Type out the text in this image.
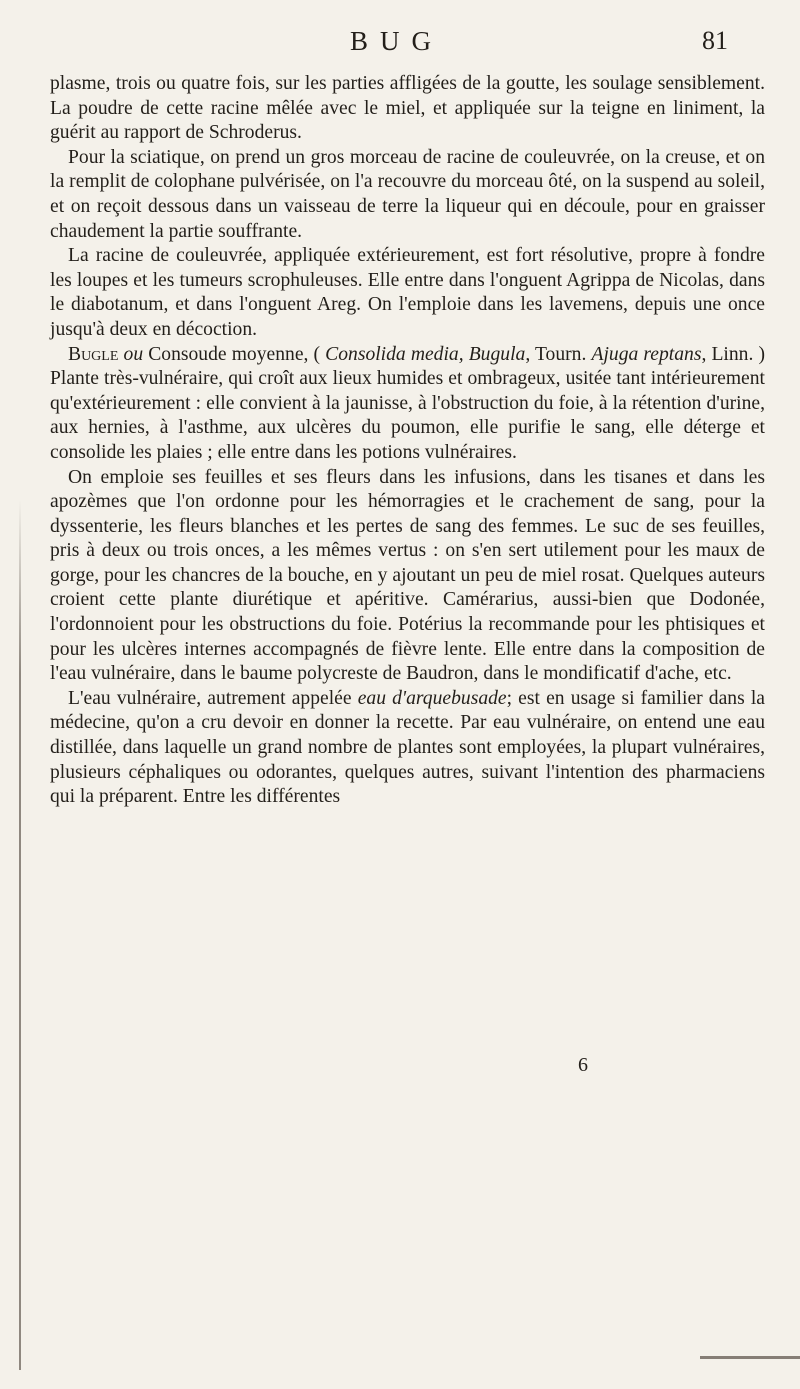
BUG	81

plasme, trois ou quatre fois, sur les parties affligées de la goutte, les soulage sensiblement. La poudre de cette racine mêlée avec le miel, et appliquée sur la teigne en liniment, la guérit au rapport de Schroderus.

Pour la sciatique, on prend un gros morceau de racine de couleuvrée, on la creuse, et on la remplit de colophane pulvérisée, on l'a recouvre du morceau ôté, on la suspend au soleil, et on reçoit dessous dans un vaisseau de terre la liqueur qui en découle, pour en graisser chaudement la partie souffrante.

La racine de couleuvrée, appliquée extérieurement, est fort résolutive, propre à fondre les loupes et les tumeurs scrophuleuses. Elle entre dans l'onguent Agrippa de Nicolas, dans le diabotanum, et dans l'onguent Areg. On l'emploie dans les lavemens, depuis une once jusqu'à deux en décoction.

Bugle ou Consoude moyenne, ( Consolida media, Bugula, Tourn. Ajuga reptans, Linn. ) Plante très-vulnéraire, qui croît aux lieux humides et ombrageux, usitée tant intérieurement qu'extérieurement : elle convient à la jaunisse, à l'obstruction du foie, à la rétention d'urine, aux hernies, à l'asthme, aux ulcères du poumon, elle purifie le sang, elle déterge et consolide les plaies ; elle entre dans les potions vulnéraires.

On emploie ses feuilles et ses fleurs dans les infusions, dans les tisanes et dans les apozèmes que l'on ordonne pour les hémorragies et le crachement de sang, pour la dyssenterie, les fleurs blanches et les pertes de sang des femmes. Le suc de ses feuilles, pris à deux ou trois onces, a les mêmes vertus : on s'en sert utilement pour les maux de gorge, pour les chancres de la bouche, en y ajoutant un peu de miel rosat. Quelques auteurs croient cette plante diurétique et apéritive. Camérarius, aussi-bien que Dodonée, l'ordonnoient pour les obstructions du foie. Potérius la recommande pour les phtisiques et pour les ulcères internes accompagnés de fièvre lente. Elle entre dans la composition de l'eau vulnéraire, dans le baume polycreste de Baudron, dans le mondificatif d'ache, etc.

L'eau vulnéraire, autrement appelée eau d'arquebusade; est en usage si familier dans la médecine, qu'on a cru devoir en donner la recette. Par eau vulnéraire, on entend une eau distillée, dans laquelle un grand nombre de plantes sont employées, la plupart vulnéraires, plusieurs céphaliques ou odorantes, quelques autres, suivant l'intention des pharmaciens qui la préparent. Entre les différentes

6
